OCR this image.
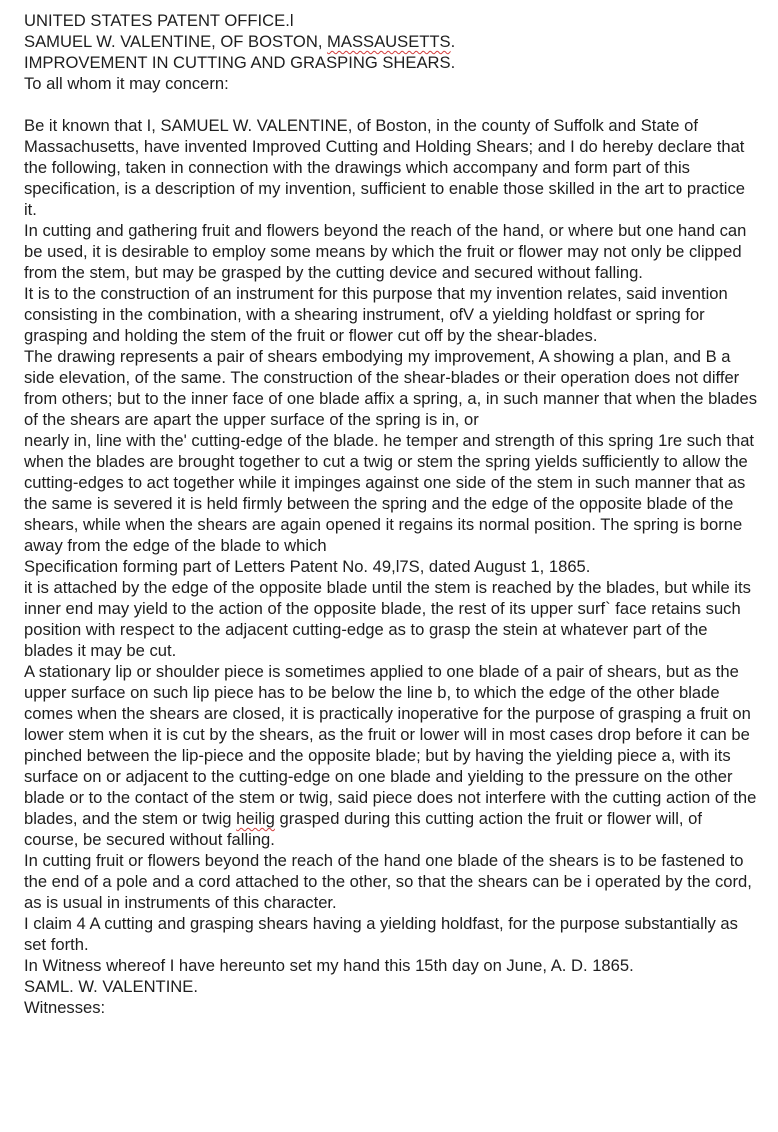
UNITED STATES PATENT OFFICE.l
SAMUEL W. VALENTINE, OF BOSTON, MASSAUSETTS.
IMPROVEMENT IN CUTTING AND GRASPING SHEARS.
To all whom it may concern:
Be it known that I, SAMUEL W. VALENTINE, of Boston, in the county of Suffolk and State of Massachusetts, have invented Improved Cutting and Holding Shears; and I do hereby declare that the following, taken in connection with the drawings which accompany and form part of this specification, is a description of my invention, sufficient to enable those skilled in the art to practice it.
In cutting and gathering fruit and flowers beyond the reach of the hand, or where but one hand can be used, it is desirable to employ some means by which the fruit or flower may not only be clipped from the stem, but may be grasped by the cutting device and secured without falling.
It is to the construction of an instrument for this purpose that my invention relates, said invention consisting in the combination, with a shearing instrument, ofV a yielding holdfast or spring for grasping and holding the stem of the fruit or flower cut off by the shear-blades.
The drawing represents a pair of shears embodying my improvement, A showing a plan, and B a side elevation, of the same. The construction of the shear-blades or their operation does not differ from others; but to the inner face of one blade affix a spring, a, in such manner that when the blades of the shears are apart the upper surface of the spring is in, or
nearly in, line with the' cutting-edge of the blade. he temper and strength of this spring 1re such that when the blades are brought together to cut a twig or stem the spring yields sufficiently to allow the cutting-edges to act together while it impinges against one side of the stem in such manner that as the same is severed it is held firmly between the spring and the edge of the opposite blade of the shears, while when the shears are again opened it regains its normal position. The spring is borne away from the edge of the blade to which
Specification forming part of Letters Patent No. 49,l7S, dated August 1, 1865.
it is attached by the edge of the opposite blade until the stem is reached by the blades, but while its inner end may yield to the action of the opposite blade, the rest of its upper surf` face retains such position with respect to the adjacent cutting-edge as to grasp the stein at whatever part of the blades it may be cut.
A stationary lip or shoulder piece is sometimes applied to one blade of a pair of shears, but as the upper surface on such lip piece has to be below the line b, to which the edge of the other blade comes when the shears are closed, it is practically inoperative for the purpose of grasping a fruit on lower stem when it is cut by the shears, as the fruit or lower will in most cases drop before it can be pinched between the lip-piece and the opposite blade; but by having the yielding piece a, with its surface on or adjacent to the cutting-edge on one blade and yielding to the pressure on the other blade or to the contact of the stem or twig, said piece does not interfere with the cutting action of the blades, and the stem or twig heilig grasped during this cutting action the fruit or flower will, of course, be secured without falling.
In cutting fruit or flowers beyond the reach of the hand one blade of the shears is to be fastened to the end of a pole and a cord attached to the other, so that the shears can be i operated by the cord, as is usual in instruments of this character.
I claim 4 A cutting and grasping shears having a yielding holdfast, for the purpose substantially as set forth.
In Witness whereof I have hereunto set my hand this 15th day on June, A. D. 1865.
SAML. W. VALENTINE.
Witnesses:
